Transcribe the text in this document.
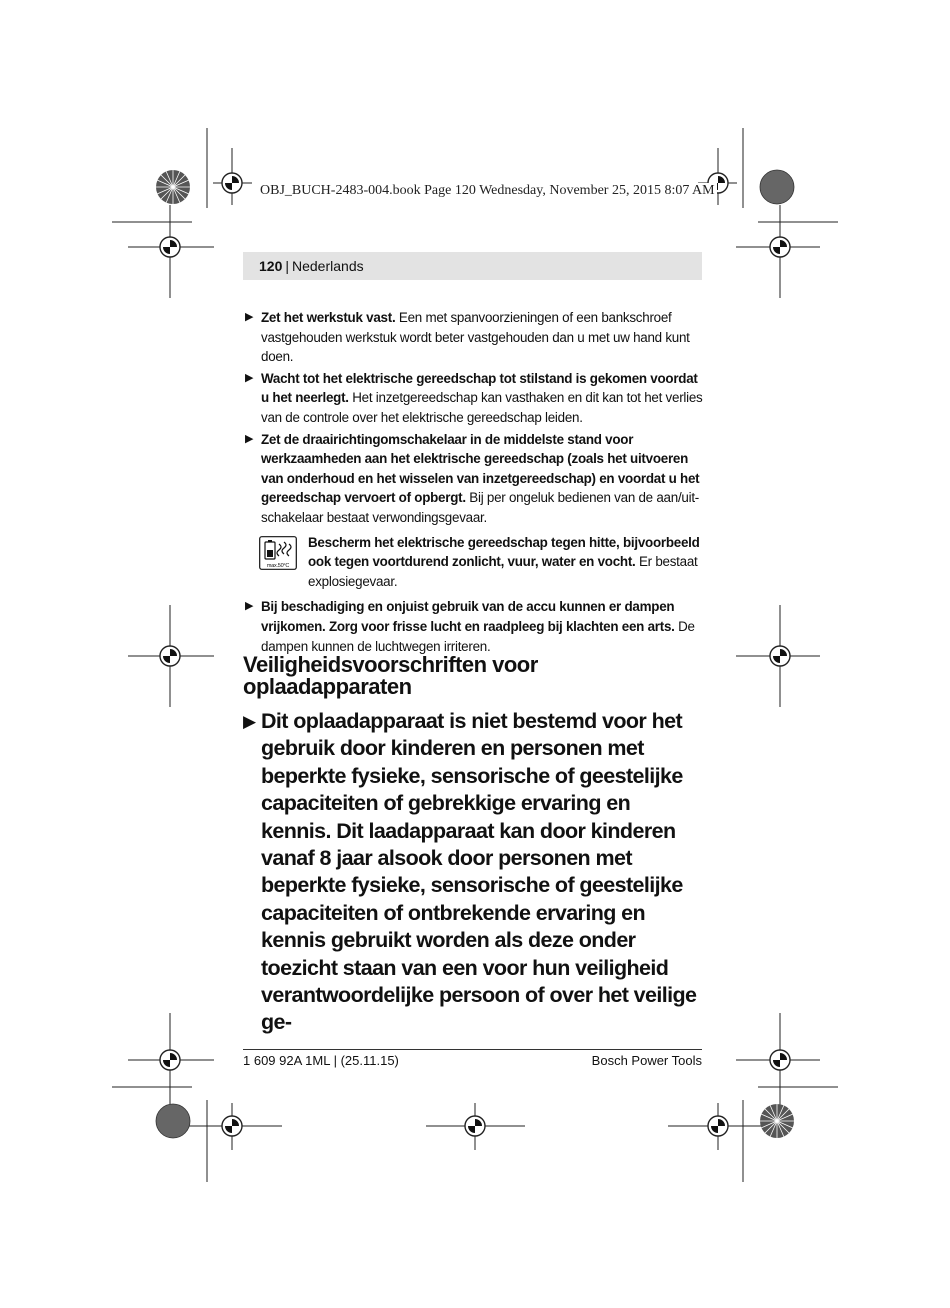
OBJ_BUCH-2483-004.book Page 120 Wednesday, November 25, 2015 8:07 AM
120 | Nederlands
▶ Zet het werkstuk vast. Een met spanvoorzieningen of een bankschroef vastgehouden werkstuk wordt beter vastgehouden dan u met uw hand kunt doen.
▶ Wacht tot het elektrische gereedschap tot stilstand is gekomen voordat u het neerlegt. Het inzetgereedschap kan vasthaken en dit kan tot het verlies van de controle over het elektrische gereedschap leiden.
▶ Zet de draairichtingomschakelaar in de middelste stand voor werkzaamheden aan het elektrische gereedschap (zoals het uitvoeren van onderhoud en het wisselen van inzetgereedschap) en voordat u het gereedschap vervoert of opbergt. Bij per ongeluk bedienen van de aan/uit-schakelaar bestaat verwondingsgevaar.
max.50°C
Bescherm het elektrische gereedschap tegen hitte, bijvoorbeeld ook tegen voortdurend zonlicht, vuur, water en vocht. Er bestaat explosiegevaar.
▶ Bij beschadiging en onjuist gebruik van de accu kunnen er dampen vrijkomen. Zorg voor frisse lucht en raadpleeg bij klachten een arts. De dampen kunnen de luchtwegen irriteren.
Veiligheidsvoorschriften voor oplaadapparaten
▶ Dit oplaadapparaat is niet bestemd voor het gebruik door kinderen en personen met beperkte fysieke, sensorische of geestelijke capaciteiten of gebrekkige ervaring en kennis. Dit laadapparaat kan door kinderen vanaf 8 jaar alsook door personen met beperkte fysieke, sensorische of geestelijke capaciteiten of ontbrekende ervaring en kennis gebruikt worden als deze onder toezicht staan van een voor hun veiligheid verantwoordelijke persoon of over het veilige ge-
1 609 92A 1ML | (25.11.15)	Bosch Power Tools
